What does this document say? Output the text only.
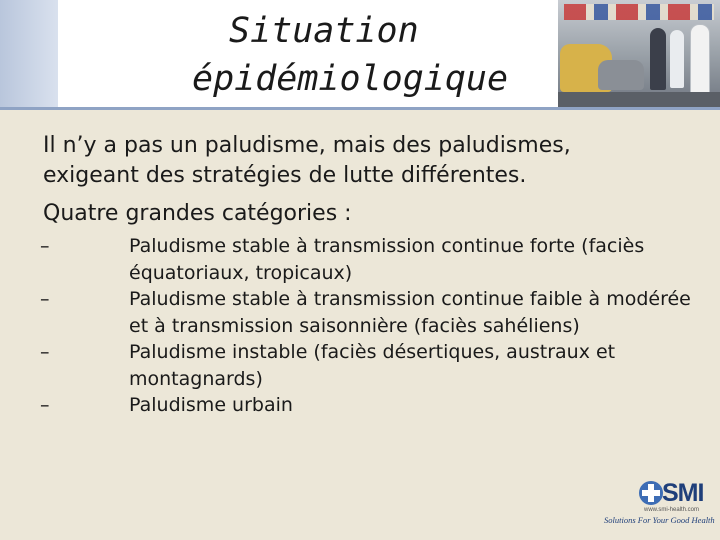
Situation
épidémiologique
Il n’y a pas un paludisme, mais des paludismes,
exigeant des stratégies de lutte différentes.
Quatre grandes catégories :
–	Paludisme stable à transmission continue forte (faciès équatoriaux, tropicaux)
–	Paludisme stable à transmission continue faible à modérée et à transmission saisonnière (faciès sahéliens)
–	Paludisme instable (faciès désertiques, austraux et montagnards)
–	Paludisme urbain
SMI
www.smi-health.com
Solutions For Your Good Health
